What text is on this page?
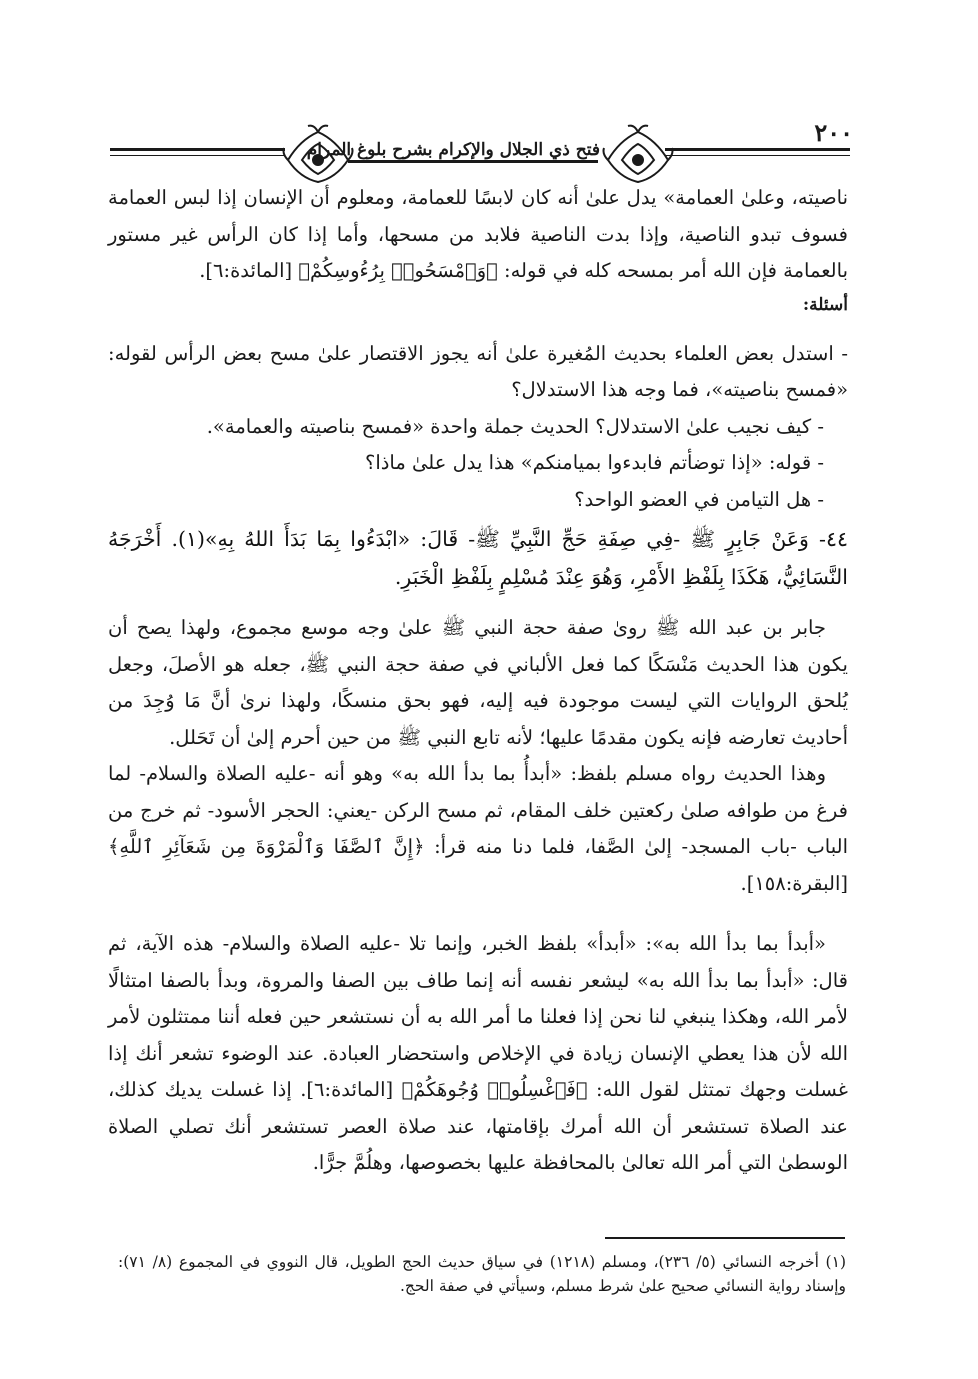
فتح ذي الجلال والإكرام بشرح بلوغ المرام
٢٠٠

ناصيته، وعلىٰ العمامة» يدل علىٰ أنه كان لابسًا للعمامة، ومعلوم أن الإنسان إذا لبس العمامة فسوف تبدو الناصية، وإذا بدت الناصية فلابد من مسحها، وأما إذا كان الرأس غير مستور بالعمامة فإن الله أمر بمسحه كله في قوله: ﴿وَٱمْسَحُوا۟ بِرُءُوسِكُمْ﴾ [المائدة:٦].

أسئلة:

- استدل بعض العلماء بحديث المُغيرة علىٰ أنه يجوز الاقتصار علىٰ مسح بعض الرأس لقوله: «فمسح بناصيته»، فما وجه هذا الاستدلال؟

- كيف نجيب علىٰ الاستدلال؟ الحديث جملة واحدة «فمسح بناصيته والعمامة».

- قوله: «إذا توضأتم فابدءوا بميامنكم» هذا يدل علىٰ ماذا؟

- هل التيامن في العضو الواحد؟

٤٤- وَعَنْ جَابِرٍ ﷺ -فِي صِفَةِ حَجِّ النَّبِيِّ ﷺ- قَالَ: «ابْدَءُوا بِمَا بَدَأَ اللهُ بِهِ»(١). أَخْرَجَهُ النَّسَائِيُّ، هَكَذَا بِلَفْظِ الأَمْرِ، وَهُوَ عِنْدَ مُسْلِمٍ بِلَفْظِ الْخَبَرِ.

جابر بن عبد الله ﷺ روىٰ صفة حجة النبي ﷺ علىٰ وجه موسع مجموع، ولهذا يصح أن يكون هذا الحديث مَنْسَكًا كما فعل الألباني في صفة حجة النبي ﷺ، جعله هو الأصلَ، وجعل يُلحق الروايات التي ليست موجودة فيه إليه، فهو بحق منسكًا، ولهذا نرىٰ أنَّ مَا وُجِدَ من أحاديث تعارضه فإنه يكون مقدمًا عليها؛ لأنه تابع النبي ﷺ من حين أحرم إلىٰ أن تَحَلل.

وهذا الحديث رواه مسلم بلفظ: «أبدأُ بما بدأ الله به» وهو أنه -عليه الصلاة والسلام- لما فرغ من طوافه صلىٰ ركعتين خلف المقام، ثم مسح الركن -يعني: الحجر الأسود- ثم خرج من الباب -باب المسجد- إلىٰ الصَّفا، فلما دنا منه قرأ: ﴿إِنَّ ٱلصَّفَا وَٱلْمَرْوَةَ مِن شَعَآئِرِ ٱللَّهِ﴾ [البقرة:١٥٨].

«أبدأ بما بدأ الله به»: «أبدأ» بلفظ الخبر، وإنما تلا -عليه الصلاة والسلام- هذه الآية، ثم قال: «أبدأ بما بدأ الله به» ليشعر نفسه أنه إنما طاف بين الصفا والمروة، وبدأ بالصفا امتثالًا لأمر الله، وهكذا ينبغي لنا نحن إذا فعلنا ما أمر الله به أن نستشعر حين فعله أننا ممتثلون لأمر الله لأن هذا يعطي الإنسان زيادة في الإخلاص واستحضار العبادة. عند الوضوء تشعر أنك إذا غسلت وجهك تمتثل لقول الله: ﴿فَٱغْسِلُوا۟ وُجُوهَكُمْ﴾ [المائدة:٦]. إذا غسلت يديك كذلك، عند الصلاة تستشعر أن الله أمرك بإقامتها، عند صلاة العصر تستشعر أنك تصلي الصلاة الوسطىٰ التي أمر الله تعالىٰ بالمحافظة عليها بخصوصها، وهلُمَّ جرًّا.

(١) أخرجه النسائي (٥/ ٢٣٦)، ومسلم (١٢١٨) في سياق حديث الحج الطويل، قال النووي في المجموع (٨/ ٧١): وإسناد رواية النسائي صحيح علىٰ شرط مسلم، وسيأتي في صفة الحج.
